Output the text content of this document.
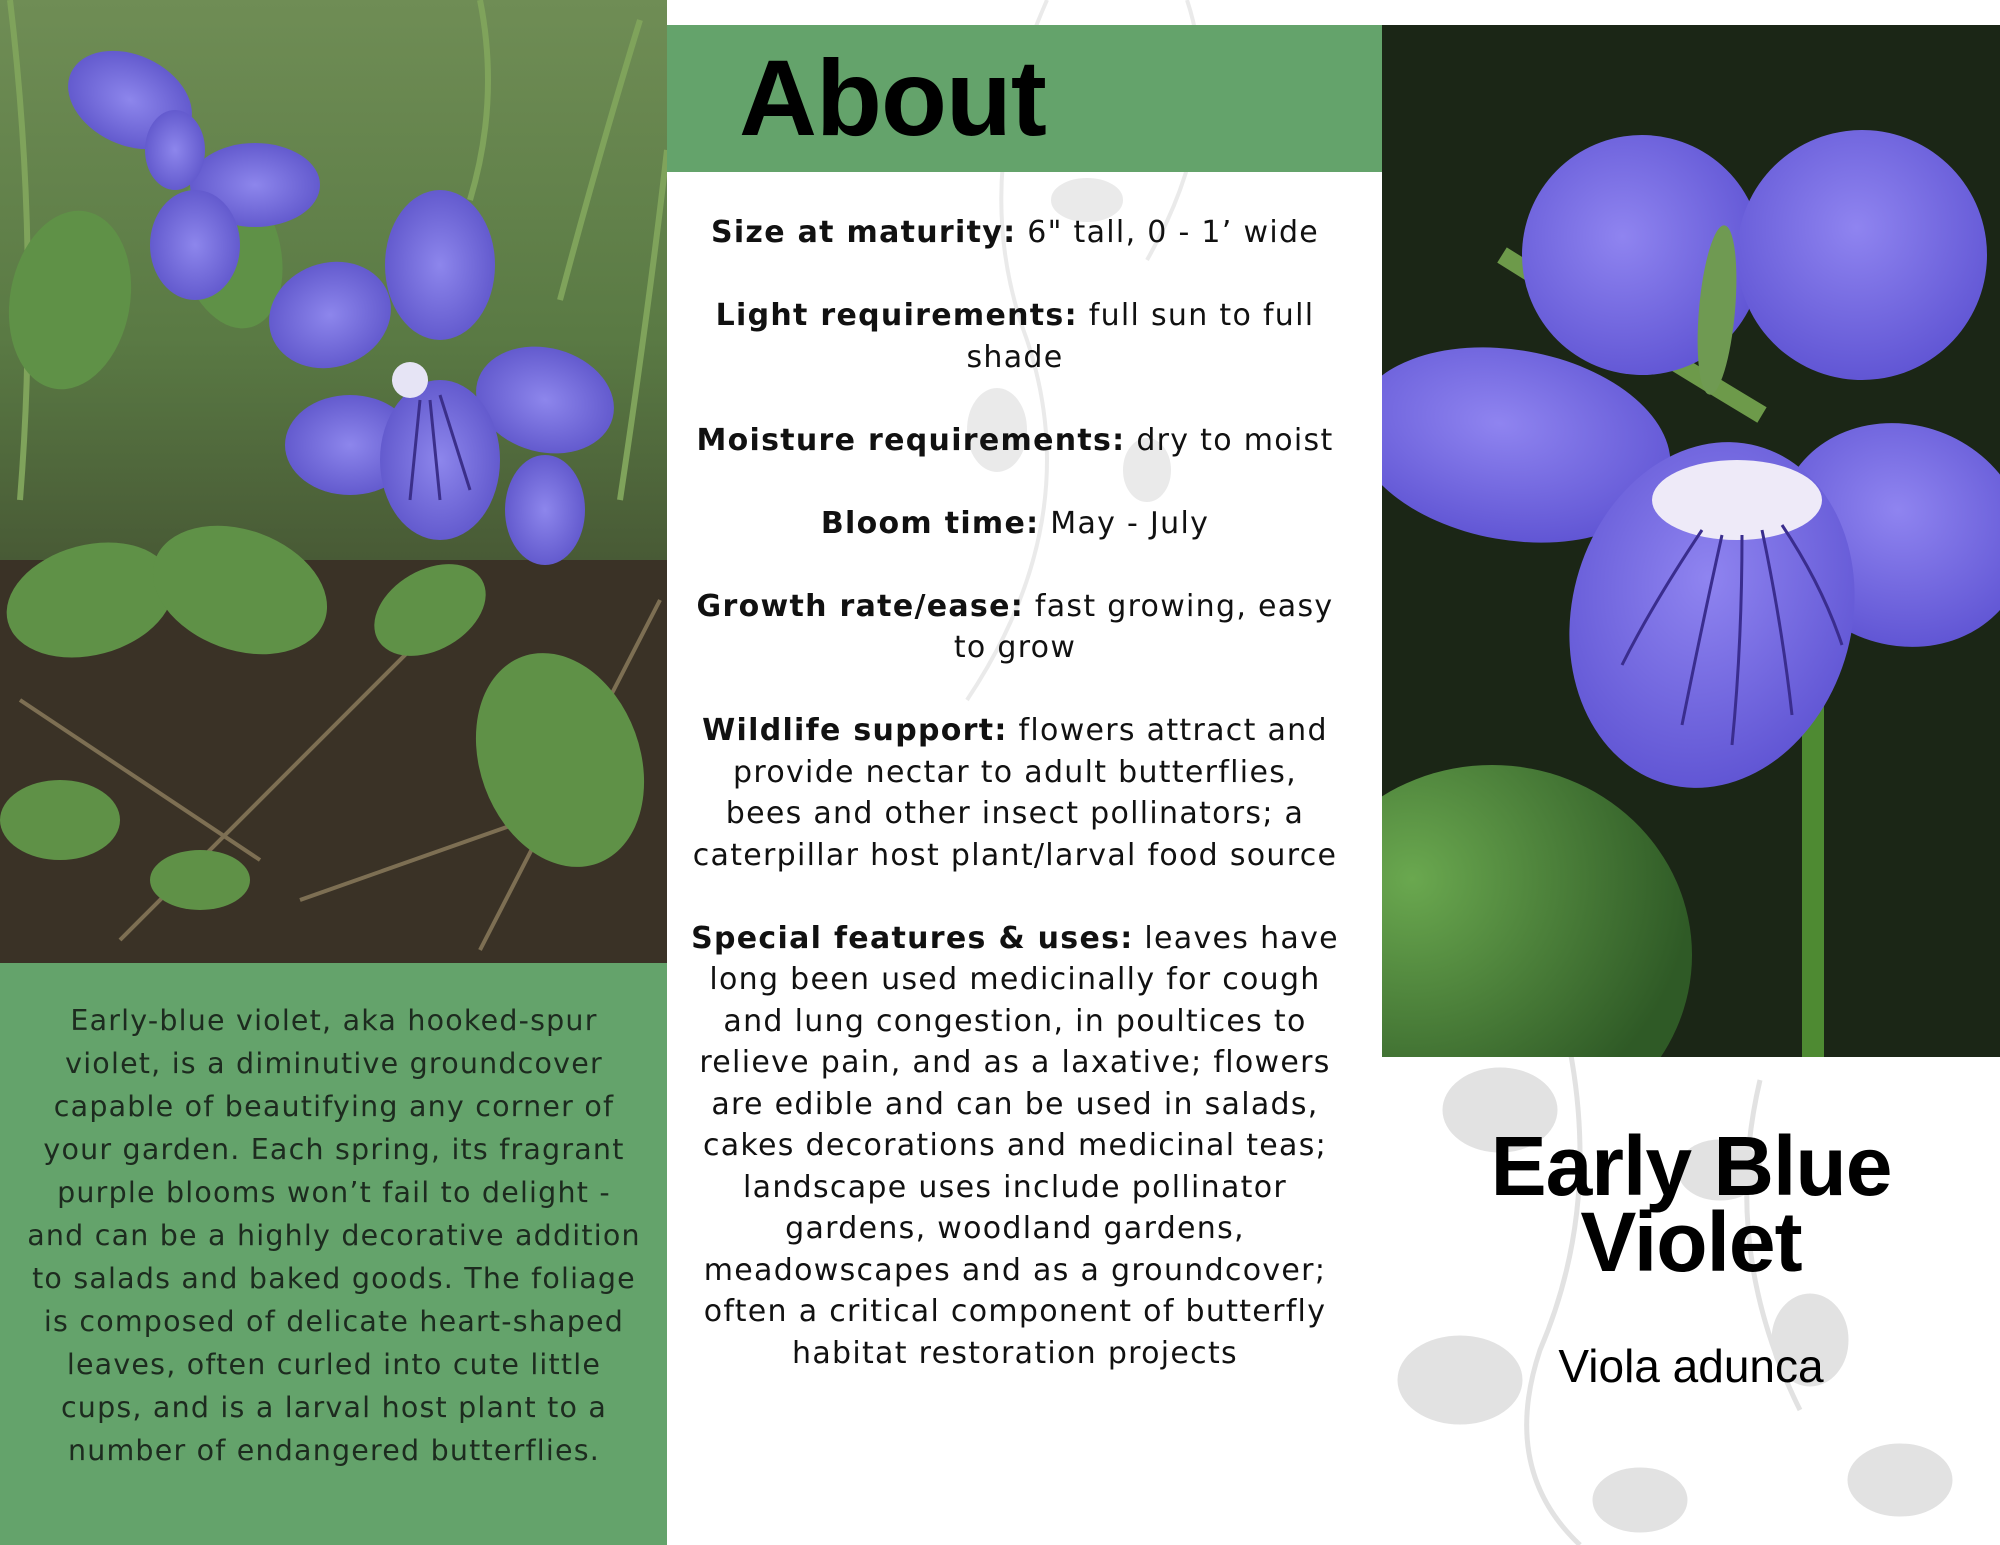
Early-blue violet, aka hooked-spur violet, is a diminutive groundcover capable of beautifying any corner of your garden. Each spring, its fragrant purple blooms won’t fail to delight - and can be a highly decorative addition to salads and baked goods. The foliage is composed of delicate heart-shaped leaves, often curled into cute little cups, and is a larval host plant to a number of endangered butterflies.
About

Size at maturity: 6" tall, 0 - 1’ wide

Light requirements: full sun to full shade

Moisture requirements: dry to moist

Bloom time: May - July

Growth rate/ease: fast growing, easy to grow

Wildlife support: flowers attract and provide nectar to adult butterflies, bees and other insect pollinators; a caterpillar host plant/larval food source

Special features & uses: leaves have long been used medicinally for cough and lung congestion, in poultices to relieve pain, and as a laxative; flowers are edible and can be used in salads, cakes decorations and medicinal teas; landscape uses include pollinator gardens, woodland gardens, meadowscapes and as a groundcover; often a critical component of butterfly habitat restoration projects

Early Blue
Violet
Viola adunca
